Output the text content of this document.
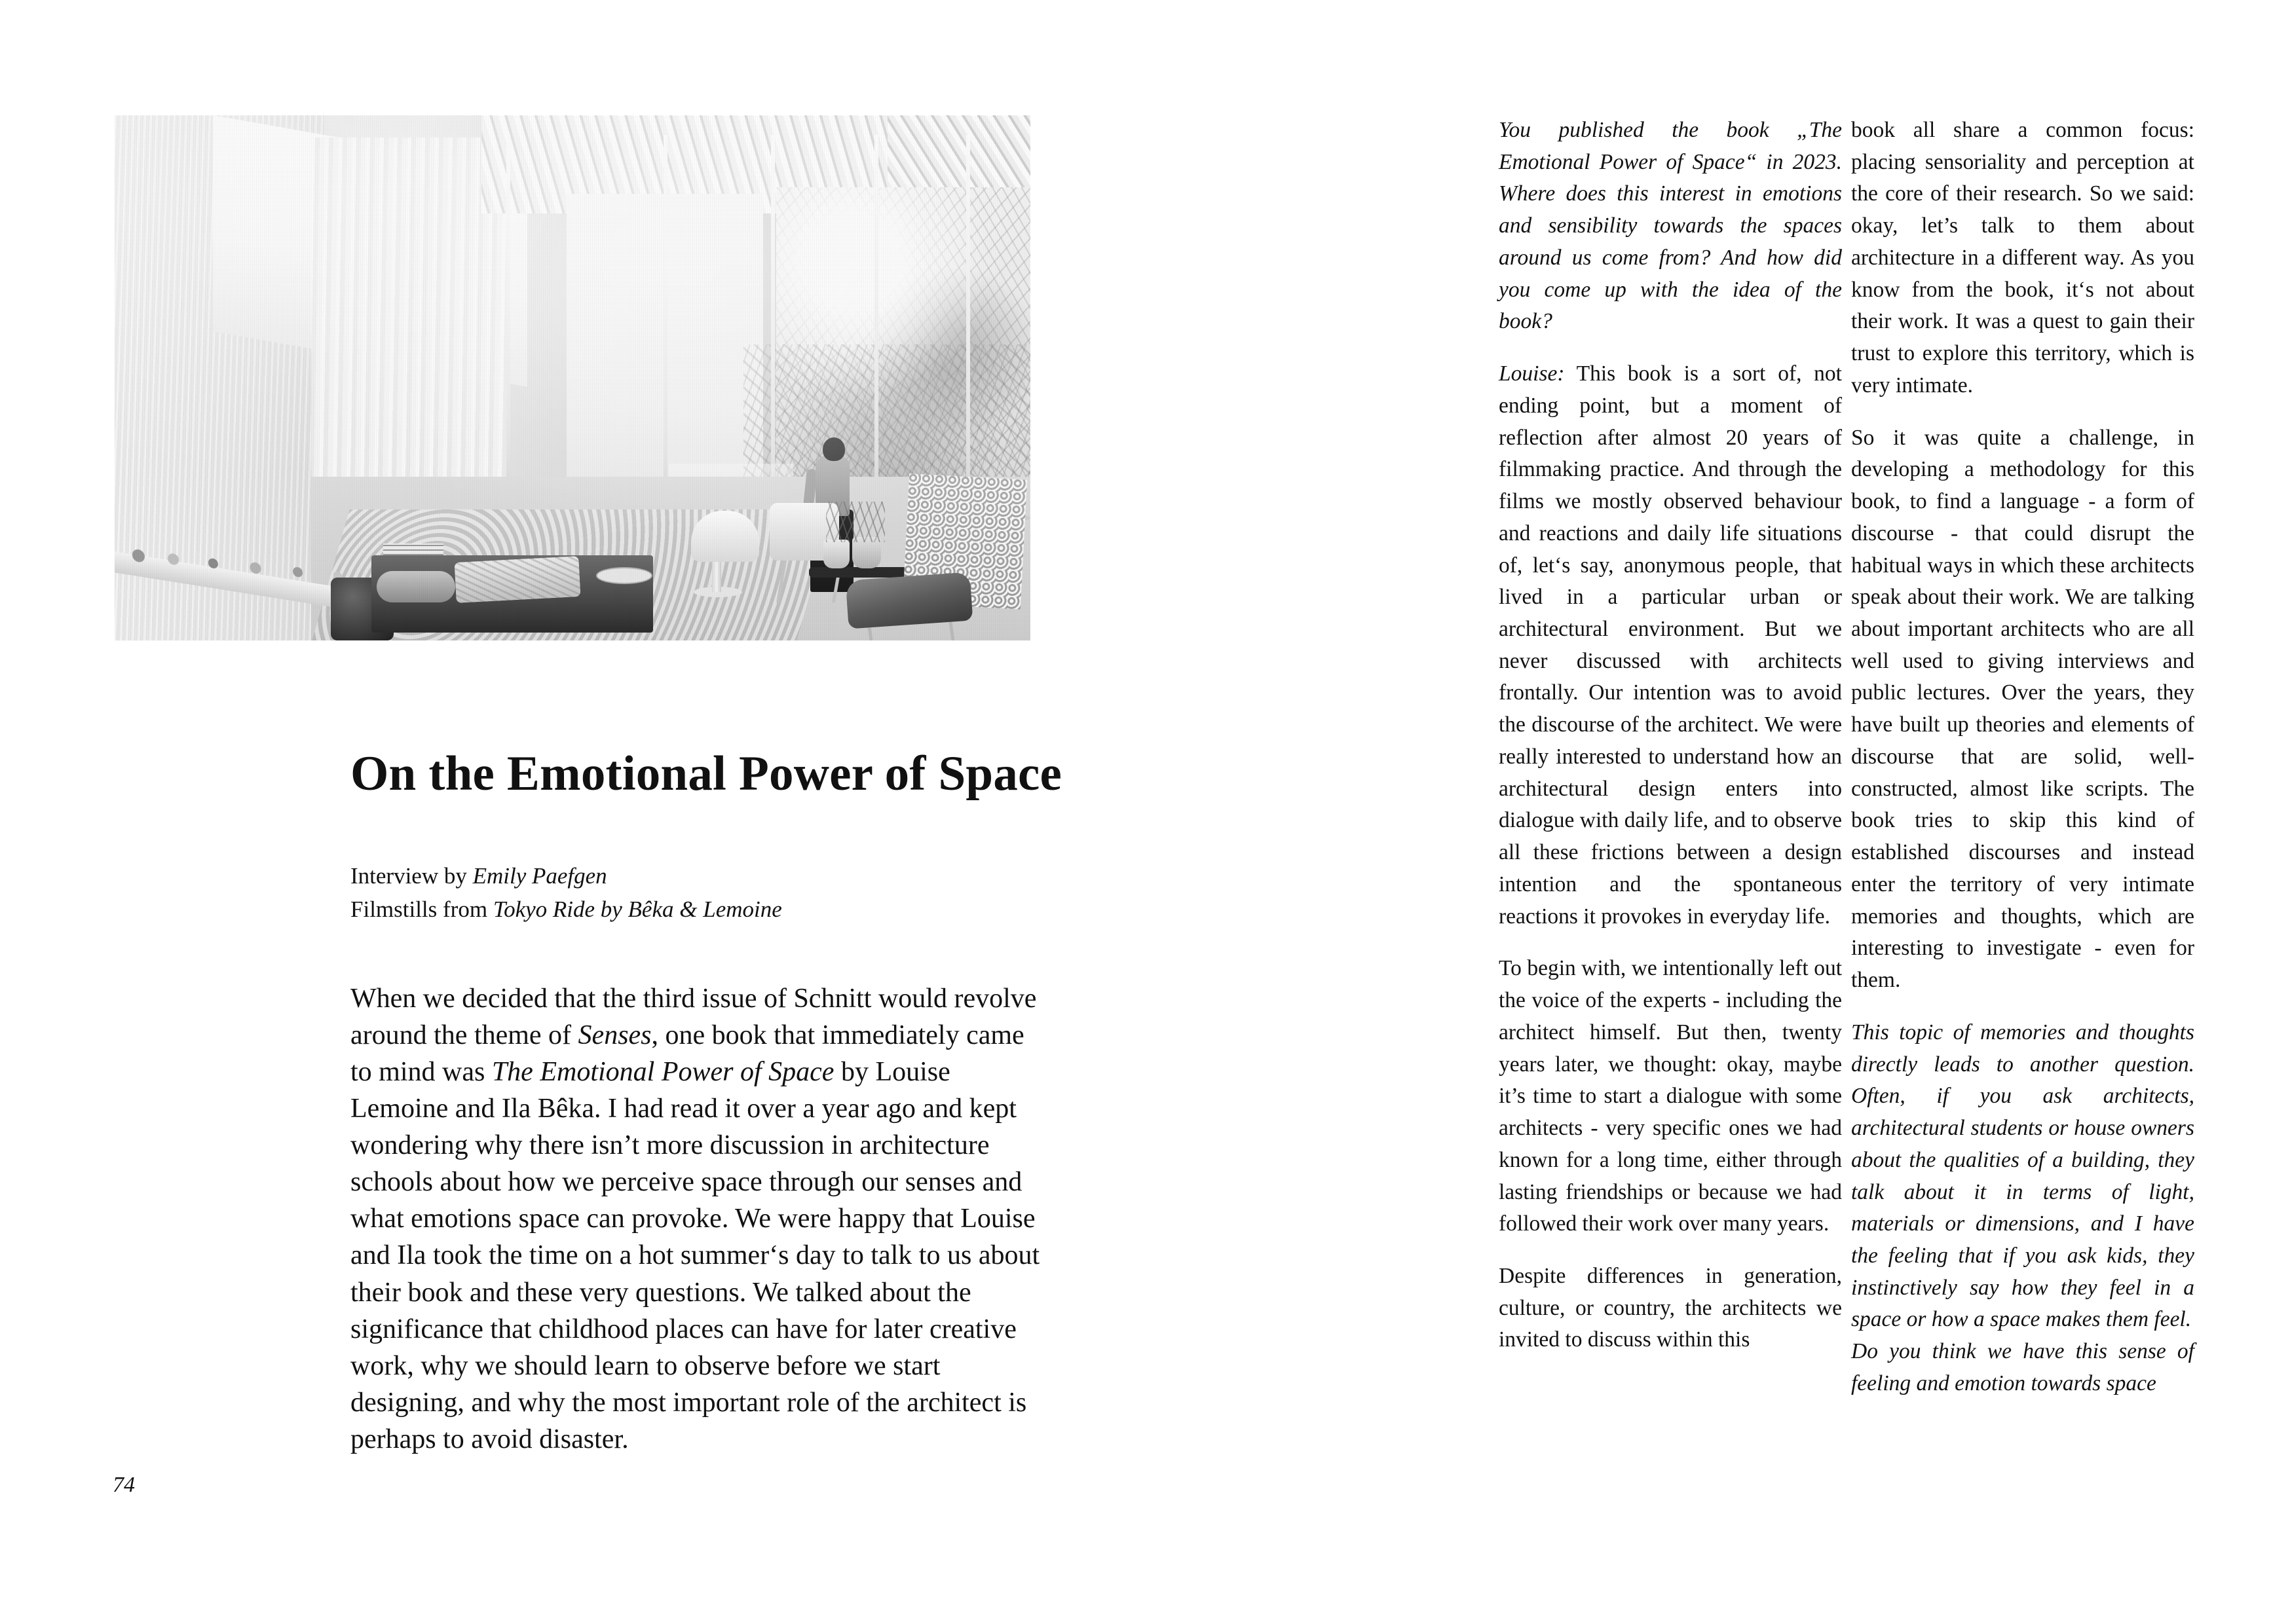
On the Emotional Power of Space
Interview by Emily Paefgen
Filmstills from Tokyo Ride by Bêka & Lemoine
When we decided that the third issue of Schnitt would revolve around the theme of Senses, one book that immediately came to mind was The Emotional Power of Space by Louise Lemoine and Ila Bêka. I had read it over a year ago and kept wondering why there isn’t more discussion in architecture schools about how we perceive space through our senses and what emotions space can provoke. We were happy that Louise and Ila took the time on a hot summer‘s day to talk to us about their book and these very questions. We talked about the significance that childhood places can have for later creative work, why we should learn to observe before we start designing, and why the most important role of the architect is perhaps to avoid disaster.
74

You published the book „The Emotional Power of Space“ in 2023. Where does this interest in emotions and sensibility towards the spaces around us come from? And how did you come up with the idea of the book?

Louise: This book is a sort of, not ending point, but a moment of reflection after almost 20 years of filmmaking practice. And through the films we mostly observed behaviour and reactions and daily life situations of, let‘s say, anonymous people, that lived in a particular urban or architectural environment. But we never discussed with architects frontally. Our intention was to avoid the discourse of the architect. We were really interested to understand how an architectural design enters into dialogue with daily life, and to observe all these frictions between a design intention and the spontaneous reactions it provokes in everyday life.

To begin with, we intentionally left out the voice of the experts - including the architect himself. But then, twenty years later, we thought: okay, maybe it’s time to start a dialogue with some architects - very specific ones we had known for a long time, either through lasting friendships or because we had followed their work over many years.

Despite differences in generation, culture, or country, the architects we invited to discuss within this

book all share a common focus: placing sensoriality and perception at the core of their research. So we said: okay, let’s talk to them about architecture in a different way. As you know from the book, it‘s not about their work. It was a quest to gain their trust to explore this territory, which is very intimate.

So it was quite a challenge, in developing a methodology for this book, to find a language - a form of discourse - that could disrupt the habitual ways in which these architects speak about their work. We are talking about important architects who are all well used to giving interviews and public lectures. Over the years, they have built up theories and elements of discourse that are solid, well-constructed, almost like scripts. The book tries to skip this kind of established discourses and instead enter the territory of very intimate memories and thoughts, which are interesting to investigate - even for them.

This topic of memories and thoughts directly leads to another question. Often, if you ask architects, architectural students or house owners about the qualities of a building, they talk about it in terms of light, materials or dimensions, and I have the feeling that if you ask kids, they instinctively say how they feel in a space or how a space makes them feel.

Do you think we have this sense of feeling and emotion towards space
